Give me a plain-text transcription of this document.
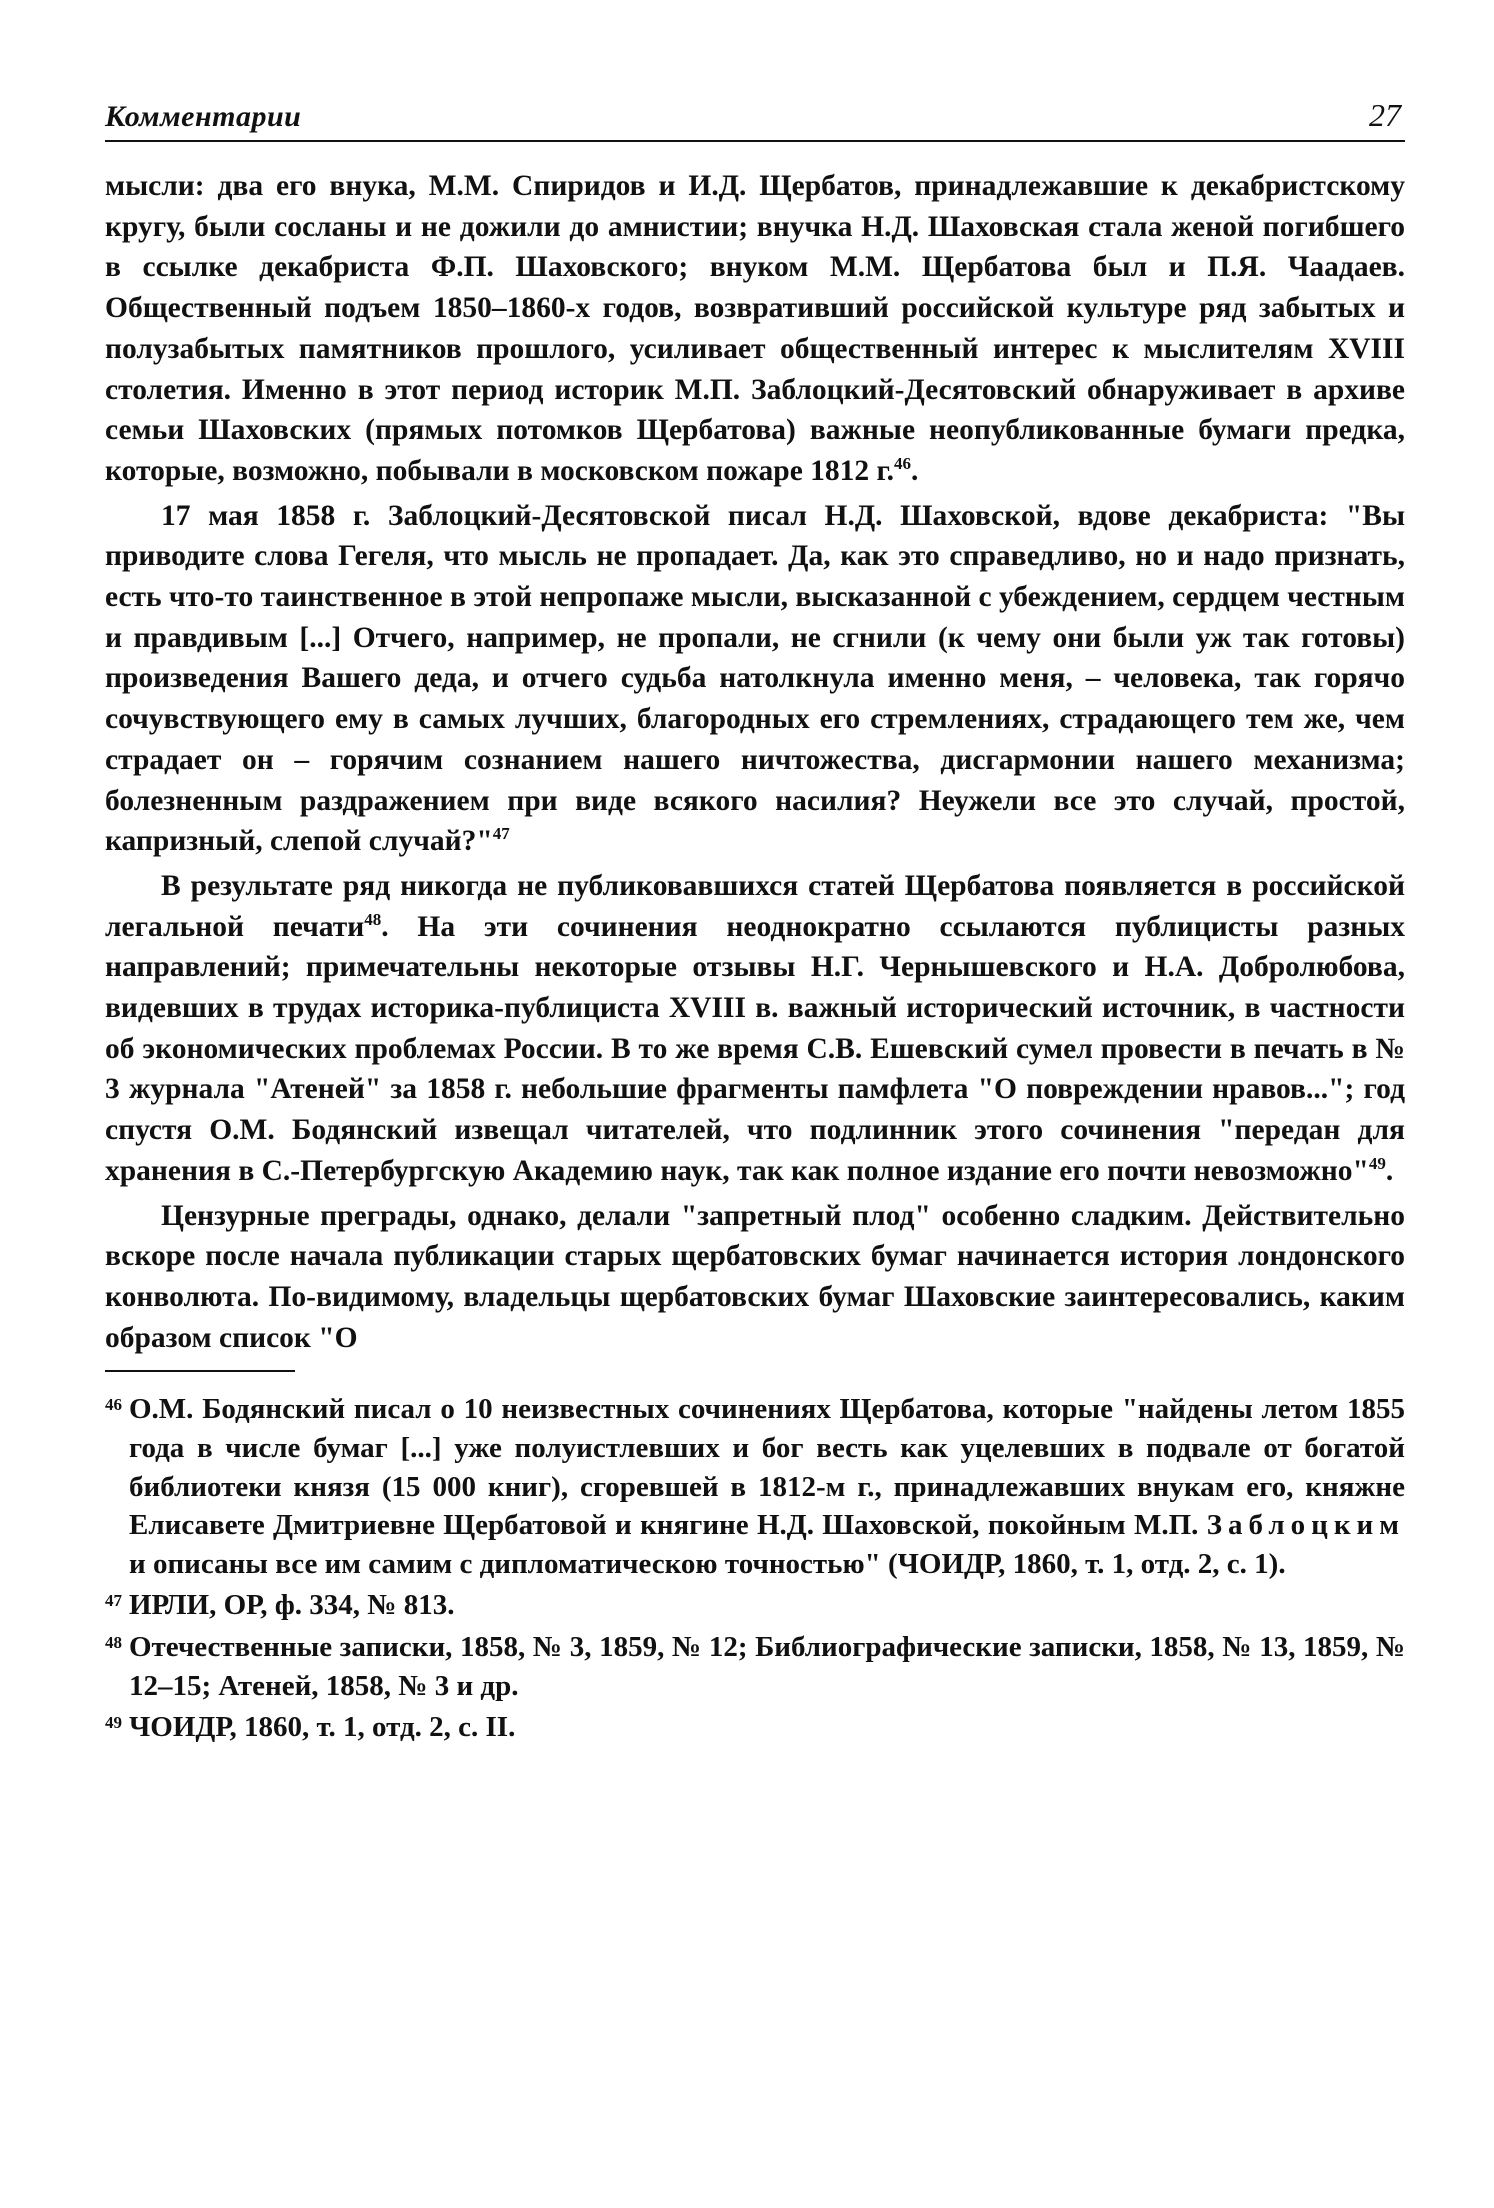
Комментарии	27

мысли: два его внука, М.М. Спиридов и И.Д. Щербатов, принадлежавшие к декабристскому кругу, были сосланы и не дожили до амнистии; внучка Н.Д. Шаховская стала женой погибшего в ссылке декабриста Ф.П. Шаховского; внуком М.М. Щербатова был и П.Я. Чаадаев. Общественный подъем 1850–1860-х годов, возвративший российской культуре ряд забытых и полузабытых памятников прошлого, усиливает общественный интерес к мыслителям XVIII столетия. Именно в этот период историк М.П. Заблоцкий-Десятовский обнаруживает в архиве семьи Шаховских (прямых потомков Щербатова) важные неопубликованные бумаги предка, которые, возможно, побывали в московском пожаре 1812 г.$^{46}$.

17 мая 1858 г. Заблоцкий-Десятовской писал Н.Д. Шаховской, вдове декабриста: "Вы приводите слова Гегеля, что мысль не пропадает. Да, как это справедливо, но и надо признать, есть что-то таинственное в этой непропаже мысли, высказанной с убеждением, сердцем честным и правдивым [...] Отчего, например, не пропали, не сгнили (к чему они были уж так готовы) произведения Вашего деда, и отчего судьба натолкнула именно меня, – человека, так горячо сочувствующего ему в самых лучших, благородных его стремлениях, страдающего тем же, чем страдает он – горячим сознанием нашего ничтожества, дисгармонии нашего механизма; болезненным раздражением при виде всякого насилия? Неужели все это случай, простой, капризный, слепой случай?"$^{47}$

В результате ряд никогда не публиковавшихся статей Щербатова появляется в российской легальной печати$^{48}$. На эти сочинения неоднократно ссылаются публицисты разных направлений; примечательны некоторые отзывы Н.Г. Чернышевского и Н.А. Добролюбова, видевших в трудах историка-публициста XVIII в. важный исторический источник, в частности об экономических проблемах России. В то же время С.В. Ешевский сумел провести в печать в № 3 журнала "Атеней" за 1858 г. небольшие фрагменты памфлета "О повреждении нравов..."; год спустя О.М. Бодянский извещал читателей, что подлинник этого сочинения "передан для хранения в С.-Петербургскую Академию наук, так как полное издание его почти невозможно"$^{49}$.

Цензурные преграды, однако, делали "запретный плод" особенно сладким. Действительно вскоре после начала публикации старых щербатовских бумаг начинается история лондонского конволюта. По-видимому, владельцы щербатовских бумаг Шаховские заинтересовались, каким образом список "О

46 О.М. Бодянский писал о 10 неизвестных сочинениях Щербатова, которые "найдены летом 1855 года в числе бумаг [...] уже полуистлевших и бог весть как уцелевших в подвале от богатой библиотеки князя (15 000 книг), сгоревшей в 1812-м г., принадлежавших внукам его, княжне Елисавете Дмитриевне Щербатовой и княгине Н.Д. Шаховской, покойным М.П. Заблоцким и описаны все им самим с дипломатическою точностью" (ЧОИДР, 1860, т. 1, отд. 2, с. 1).
47 ИРЛИ, ОР, ф. 334, № 813.
48 Отечественные записки, 1858, № 3, 1859, № 12; Библиографические записки, 1858, № 13, 1859, № 12–15; Атеней, 1858, № 3 и др.
49 ЧОИДР, 1860, т. 1, отд. 2, с. II.
